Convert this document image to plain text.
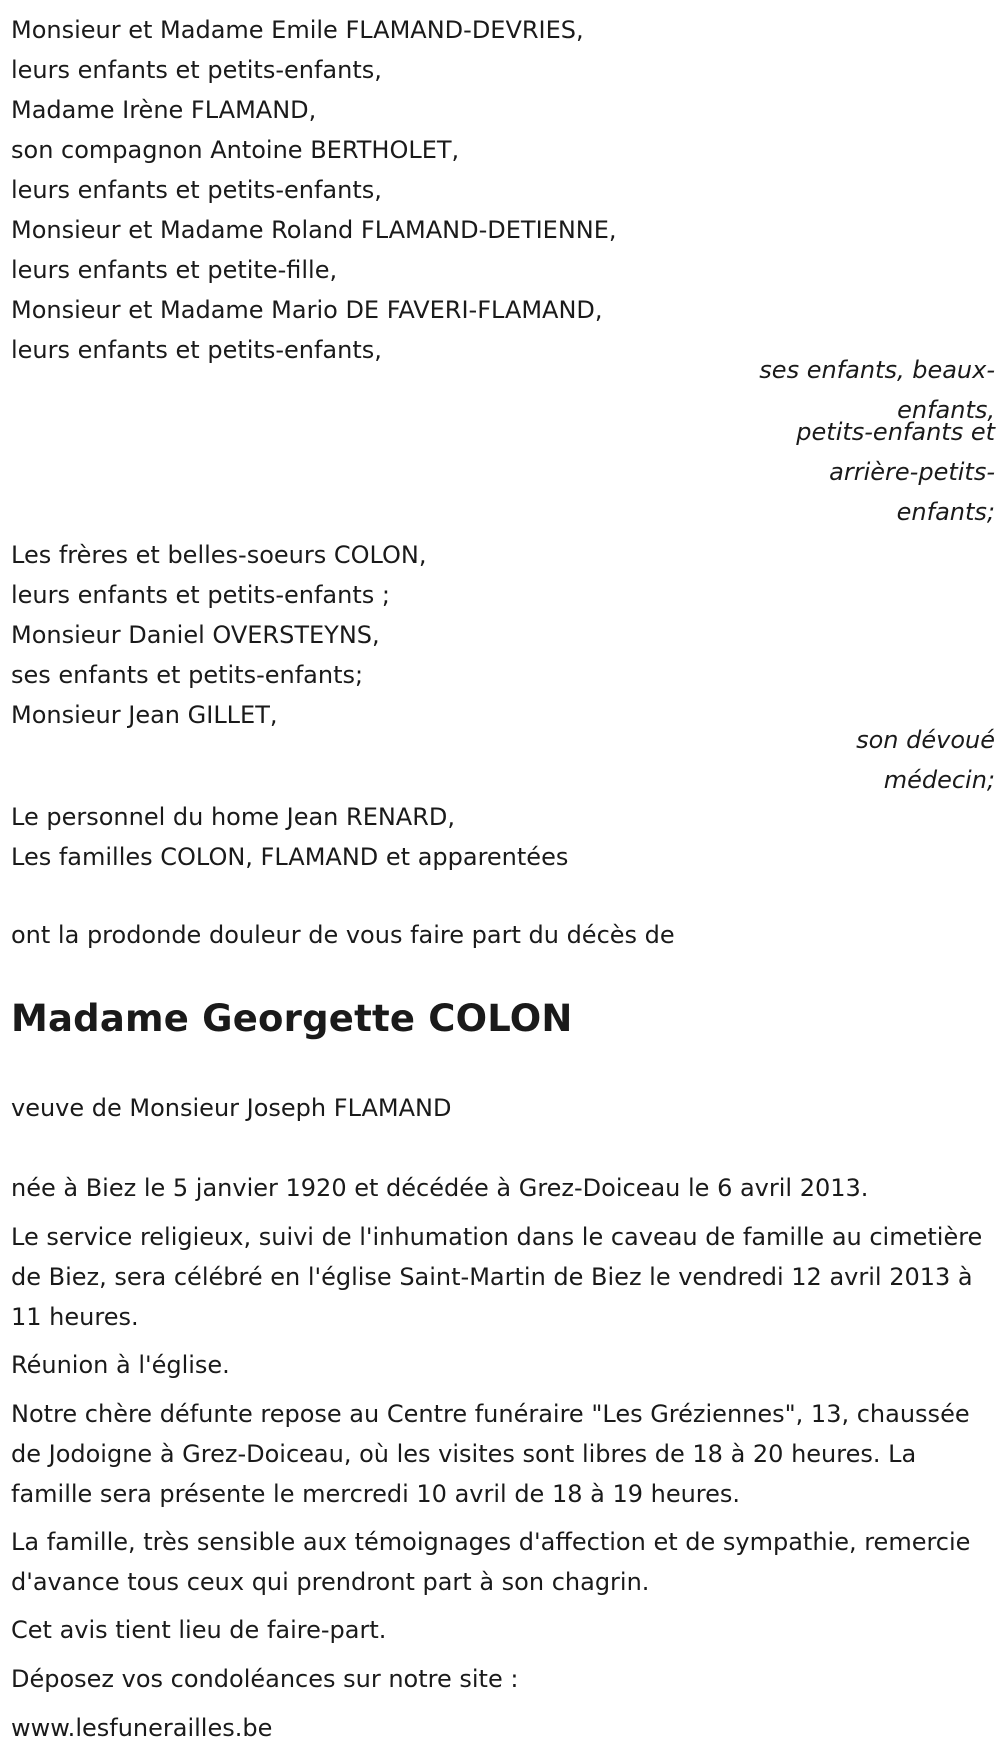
Monsieur et Madame Emile FLAMAND-DEVRIES,
leurs enfants et petits-enfants,
Madame Irène FLAMAND,
son compagnon Antoine BERTHOLET,
leurs enfants et petits-enfants,
Monsieur et Madame Roland FLAMAND-DETIENNE,
leurs enfants et petite-fille,
Monsieur et Madame Mario DE FAVERI-FLAMAND,
leurs enfants et petits-enfants,
ses enfants, beaux-
enfants,
petits-enfants et
arrière-petits-
enfants;
Les frères et belles-soeurs COLON,
leurs enfants et petits-enfants ;
Monsieur Daniel OVERSTEYNS,
ses enfants et petits-enfants;
Monsieur Jean GILLET,
son dévoué
médecin;
Le personnel du home Jean RENARD,
Les familles COLON, FLAMAND et apparentées

ont la prodonde douleur de vous faire part du décès de

Madame Georgette COLON

veuve de Monsieur Joseph FLAMAND

née à Biez le 5 janvier 1920 et décédée à Grez-Doiceau le 6 avril 2013.

Le service religieux, suivi de l'inhumation dans le caveau de famille au cimetière de Biez, sera célébré en l'église Saint-Martin de Biez le vendredi 12 avril 2013 à 11 heures.

Réunion à l'église.

Notre chère défunte repose au Centre funéraire "Les Gréziennes", 13, chaussée de Jodoigne à Grez-Doiceau, où les visites sont libres de 18 à 20 heures. La famille sera présente le mercredi 10 avril de 18 à 19 heures.

La famille, très sensible aux témoignages d'affection et de sympathie, remercie d'avance tous ceux qui prendront part à son chagrin.

Cet avis tient lieu de faire-part.

Déposez vos condoléances sur notre site :

www.lesfunerailles.be
